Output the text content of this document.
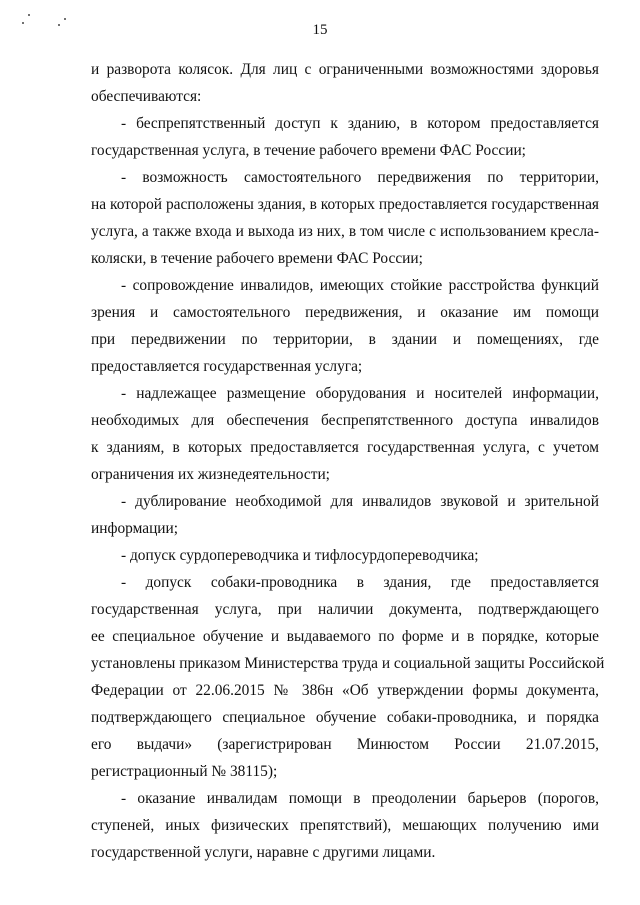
15
и разворота колясок. Для лиц с ограниченными возможностями здоровья
обеспечиваются:
- беспрепятственный доступ к зданию, в котором предоставляется
государственная услуга, в течение рабочего времени ФАС России;
- возможность самостоятельного передвижения по территории,
на которой расположены здания, в которых предоставляется государственная
услуга, а также входа и выхода из них, в том числе с использованием кресла-
коляски, в течение рабочего времени ФАС России;
- сопровождение инвалидов, имеющих стойкие расстройства функций
зрения и самостоятельного передвижения, и оказание им помощи
при передвижении по территории, в здании и помещениях, где
предоставляется государственная услуга;
- надлежащее размещение оборудования и носителей информации,
необходимых для обеспечения беспрепятственного доступа инвалидов
к зданиям, в которых предоставляется государственная услуга, с учетом
ограничения их жизнедеятельности;
- дублирование необходимой для инвалидов звуковой и зрительной
информации;
- допуск сурдопереводчика и тифлосурдопереводчика;
- допуск собаки-проводника в здания, где предоставляется
государственная услуга, при наличии документа, подтверждающего
ее специальное обучение и выдаваемого по форме и в порядке, которые
установлены приказом Министерства труда и социальной защиты Российской
Федерации от 22.06.2015 № 386н «Об утверждении формы документа,
подтверждающего специальное обучение собаки-проводника, и порядка
его выдачи» (зарегистрирован Минюстом России 21.07.2015,
регистрационный № 38115);
- оказание инвалидам помощи в преодолении барьеров (порогов,
ступеней, иных физических препятствий), мешающих получению ими
государственной услуги, наравне с другими лицами.
